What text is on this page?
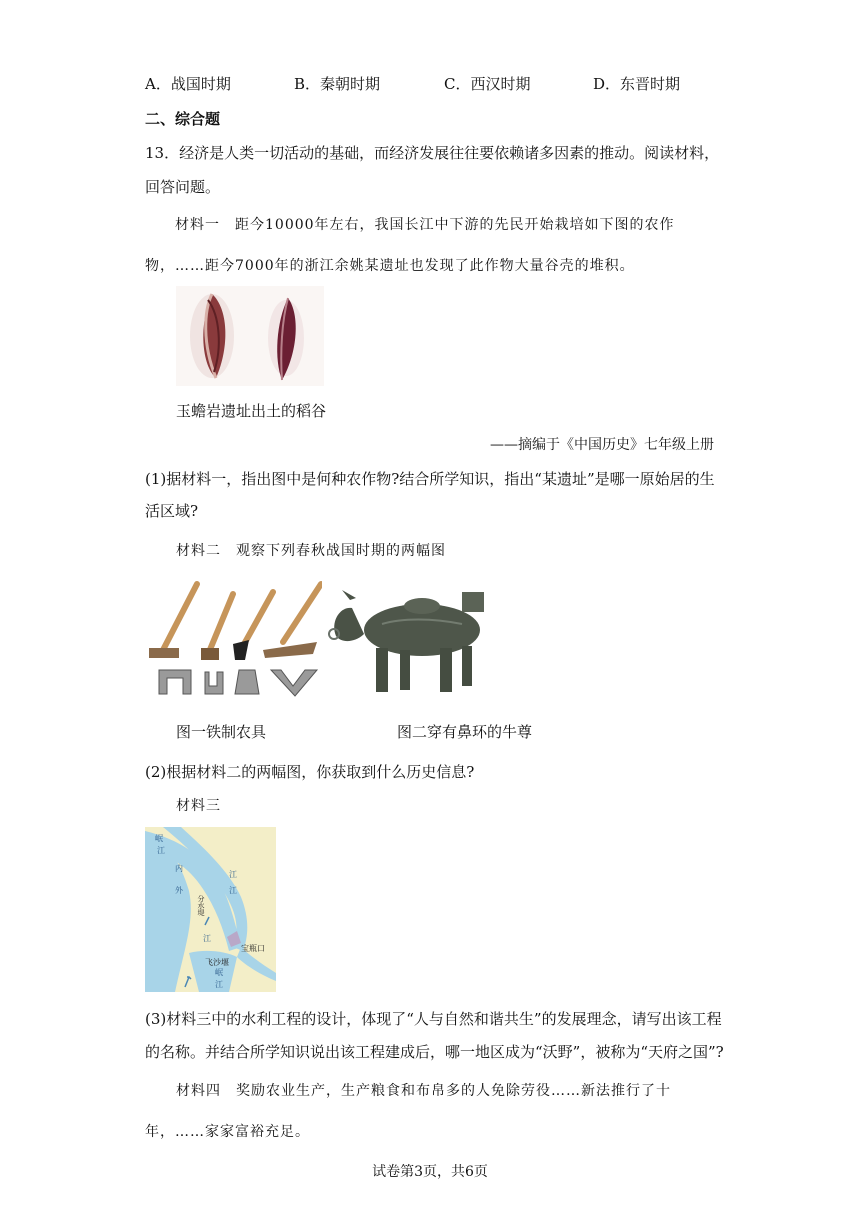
A．战国时期	B．秦朝时期	C．西汉时期	D．东晋时期
二、综合题
13．经济是人类一切活动的基础，而经济发展往往要依赖诸多因素的推动。阅读材料，
回答问题。
材料一　距今10000年左右，我国长江中下游的先民开始栽培如下图的农作
物，……距今7000年的浙江余姚某遗址也发现了此作物大量谷壳的堆积。
玉蟾岩遗址出土的稻谷
——摘编于《中国历史》七年级上册
(1)据材料一，指出图中是何种农作物?结合所学知识，指出“某遗址”是哪一原始居的生
活区域?
材料二　观察下列春秋战国时期的两幅图
图一铁制农具	图二穿有鼻环的牛尊
(2)根据材料二的两幅图，你获取到什么历史信息?
材料三
岷
江
内
外
江
分水堤
江
江
宝瓶口
飞沙堰
岷
江
(3)材料三中的水利工程的设计，体现了“人与自然和谐共生”的发展理念，请写出该工程
的名称。并结合所学知识说出该工程建成后，哪一地区成为“沃野”，被称为“天府之国”?
材料四　奖励农业生产，生产粮食和布帛多的人免除劳役……新法推行了十
年，……家家富裕充足。
试卷第3页，共6页
